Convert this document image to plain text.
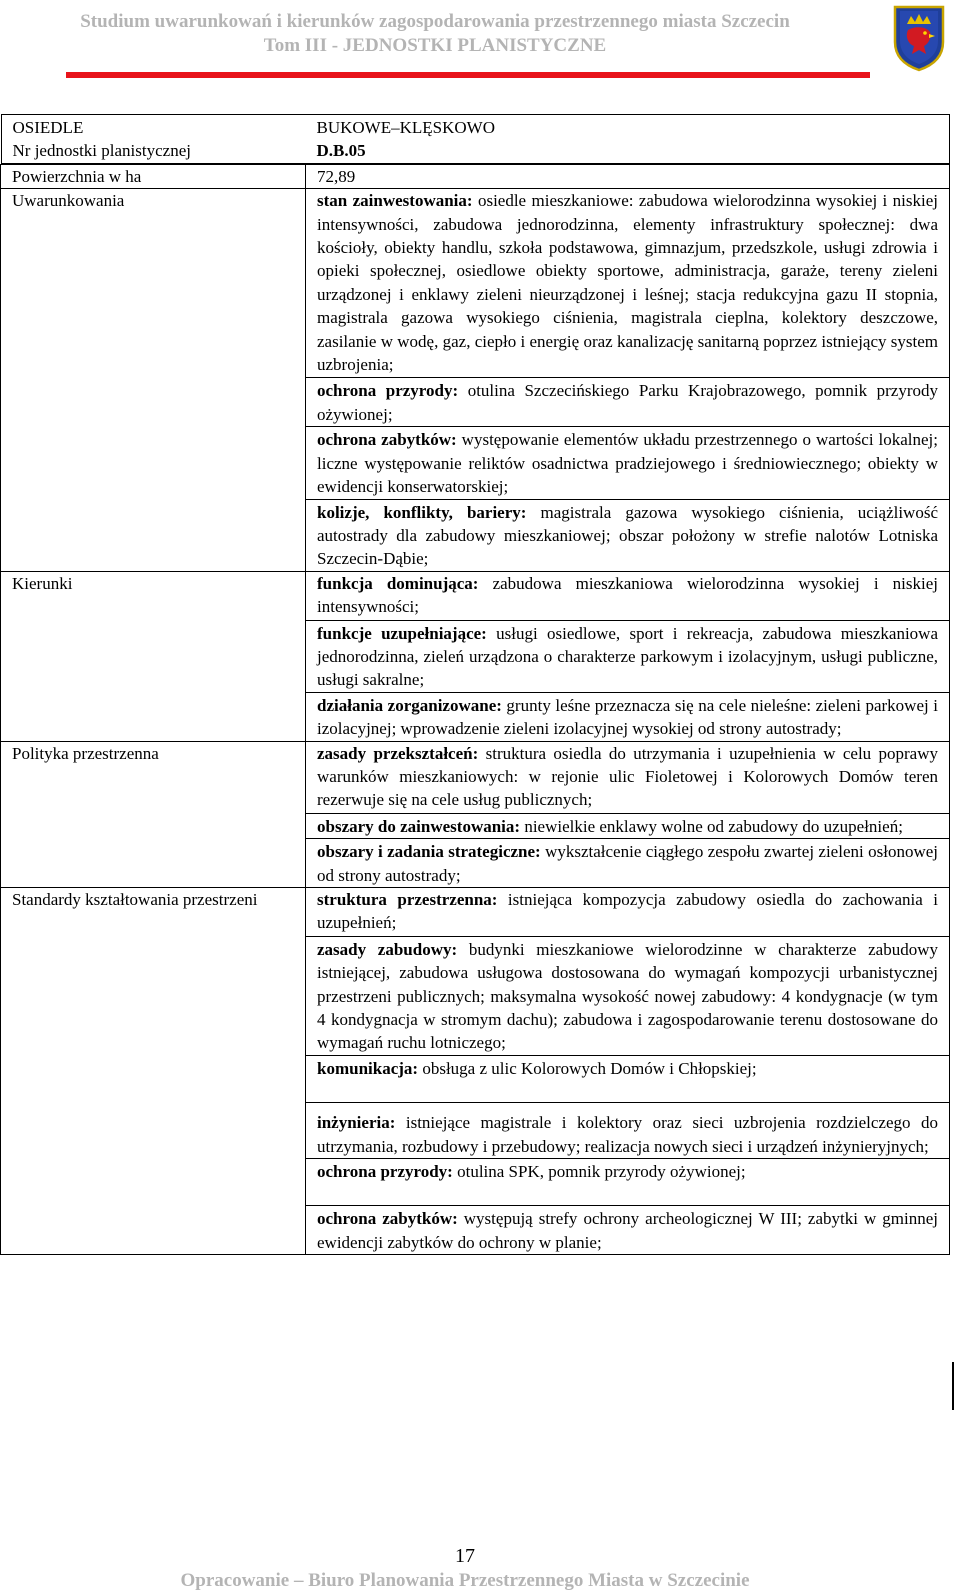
Studium uwarunkowań i kierunków zagospodarowania przestrzennego miasta Szczecin
Tom III - JEDNOSTKI PLANISTYCZNE
OSIEDLE	BUKOWE–KLĘSKOWO
Nr jednostki planistycznej	D.B.05

Powierzchnia w ha	72,89
Uwarunkowania	stan zainwestowania: osiedle mieszkaniowe: zabudowa wielorodzinna wysokiej i niskiej intensywności, zabudowa jednorodzinna, elementy infrastruktury społecznej: dwa kościoły, obiekty handlu, szkoła podstawowa, gimnazjum, przedszkole, usługi zdrowia i opieki społecznej, osiedlowe obiekty sportowe, administracja, garaże, tereny zieleni urządzonej i enklawy zieleni nieurządzonej i leśnej; stacja redukcyjna gazu II stopnia, magistrala gazowa wysokiego ciśnienia, magistrala cieplna, kolektory deszczowe, zasilanie w wodę, gaz, ciepło i energię oraz kanalizację sanitarną poprzez istniejący system uzbrojenia;
ochrona przyrody: otulina Szczecińskiego Parku Krajobrazowego, pomnik przyrody ożywionej;
ochrona zabytków: występowanie elementów układu przestrzennego o wartości lokalnej; liczne występowanie reliktów osadnictwa pradziejowego i średniowiecznego; obiekty w ewidencji konserwatorskiej;
kolizje, konflikty, bariery: magistrala gazowa wysokiego ciśnienia, uciążliwość autostrady dla zabudowy mieszkaniowej; obszar położony w strefie nalotów Lotniska Szczecin-Dąbie;

Kierunki	funkcja dominująca: zabudowa mieszkaniowa wielorodzinna wysokiej i niskiej intensywności;
funkcje uzupełniające: usługi osiedlowe, sport i rekreacja, zabudowa mieszkaniowa jednorodzinna, zieleń urządzona o charakterze parkowym i izolacyjnym, usługi publiczne, usługi sakralne;
działania zorganizowane: grunty leśne przeznacza się na cele nieleśne: zieleni parkowej i izolacyjnej; wprowadzenie zieleni izolacyjnej wysokiej od strony autostrady;

Polityka przestrzenna	zasady przekształceń: struktura osiedla do utrzymania i uzupełnienia w celu poprawy warunków mieszkaniowych: w rejonie ulic Fioletowej i Kolorowych Domów teren rezerwuje się na cele usług publicznych;
obszary do zainwestowania: niewielkie enklawy wolne od zabudowy do uzupełnień;
obszary i zadania strategiczne: wykształcenie ciągłego zespołu zwartej zieleni osłonowej od strony autostrady;

Standardy kształtowania przestrzeni	struktura przestrzenna: istniejąca kompozycja zabudowy osiedla do zachowania i uzupełnień;
zasady zabudowy: budynki mieszkaniowe wielorodzinne w charakterze zabudowy istniejącej, zabudowa usługowa dostosowana do wymagań kompozycji urbanistycznej przestrzeni publicznych; maksymalna wysokość nowej zabudowy: 4 kondygnacje (w tym 4 kondygnacja w stromym dachu); zabudowa i zagospodarowanie terenu dostosowane do wymagań ruchu lotniczego;
komunikacja: obsługa z ulic Kolorowych Domów i Chłopskiej;
inżynieria: istniejące magistrale i kolektory oraz sieci uzbrojenia rozdzielczego do utrzymania, rozbudowy i przebudowy; realizacja nowych sieci i urządzeń inżynieryjnych;
ochrona przyrody: otulina SPK, pomnik przyrody ożywionej;
ochrona zabytków: występują strefy ochrony archeologicznej W III; zabytki w gminnej ewidencji zabytków do ochrony w planie;
17
Opracowanie – Biuro Planowania Przestrzennego Miasta w Szczecinie
